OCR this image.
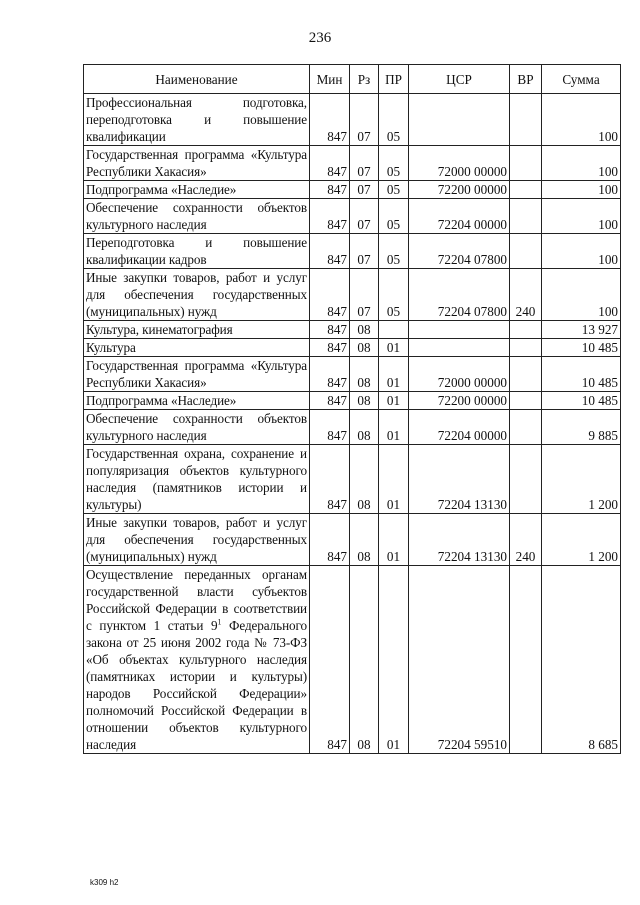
236
Наименование	Мин	Рз	ПР	ЦСР	ВР	Сумма
Профессиональная подготовка, переподготовка и повышение квалификации	847	07	05			100
Государственная программа «Культура Республики Хакасия»	847	07	05	72000 00000		100
Подпрограмма «Наследие»	847	07	05	72200 00000		100
Обеспечение сохранности объектов культурного наследия	847	07	05	72204 00000		100
Переподготовка и повышение квалификации кадров	847	07	05	72204 07800		100
Иные закупки товаров, работ и услуг для обеспечения государственных (муниципальных) нужд	847	07	05	72204 07800	240	100
Культура, кинематография	847	08				13 927
Культура	847	08	01			10 485
Государственная программа «Культура Республики Хакасия»	847	08	01	72000 00000		10 485
Подпрограмма «Наследие»	847	08	01	72200 00000		10 485
Обеспечение сохранности объектов культурного наследия	847	08	01	72204 00000		9 885
Государственная охрана, сохранение и популяризация объектов культурного наследия (памятников истории и культуры)	847	08	01	72204 13130		1 200
Иные закупки товаров, работ и услуг для обеспечения государственных (муниципальных) нужд	847	08	01	72204 13130	240	1 200
Осуществление переданных органам государственной власти субъектов Российской Федерации в соответствии с пунктом 1 статьи $9^1$ Федерального закона от 25 июня 2002 года № 73-ФЗ «Об объектах культурного наследия (памятниках истории и культуры) народов Российской Федерации» полномочий Российской Федерации в отношении объектов культурного наследия	847	08	01	72204 59510		8 685
k309 h2
